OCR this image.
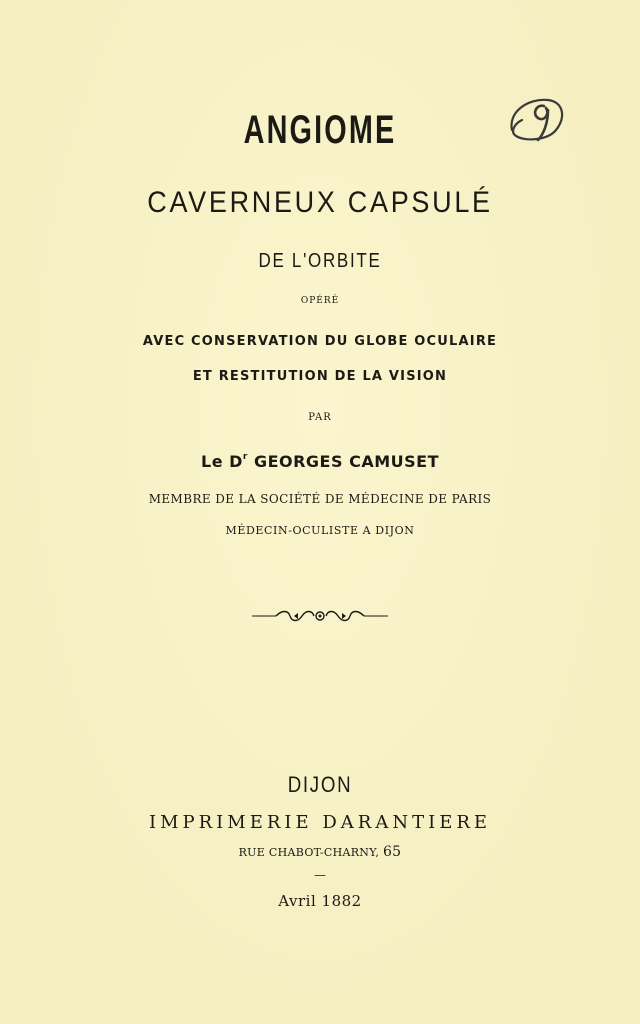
ANGIOME
CAVERNEUX CAPSULÉ
DE L'ORBITE
OPÉRÉ
AVEC CONSERVATION DU GLOBE OCULAIRE
ET RESTITUTION DE LA VISION
PAR
Le $D^r$ GEORGES CAMUSET
MEMBRE DE LA SOCIÉTÉ DE MÉDECINE DE PARIS
MÉDECIN-OCULISTE A DIJON
DIJON
IMPRIMERIE DARANTIERE
RUE CHABOT-CHARNY, 65
—
Avril 1882
